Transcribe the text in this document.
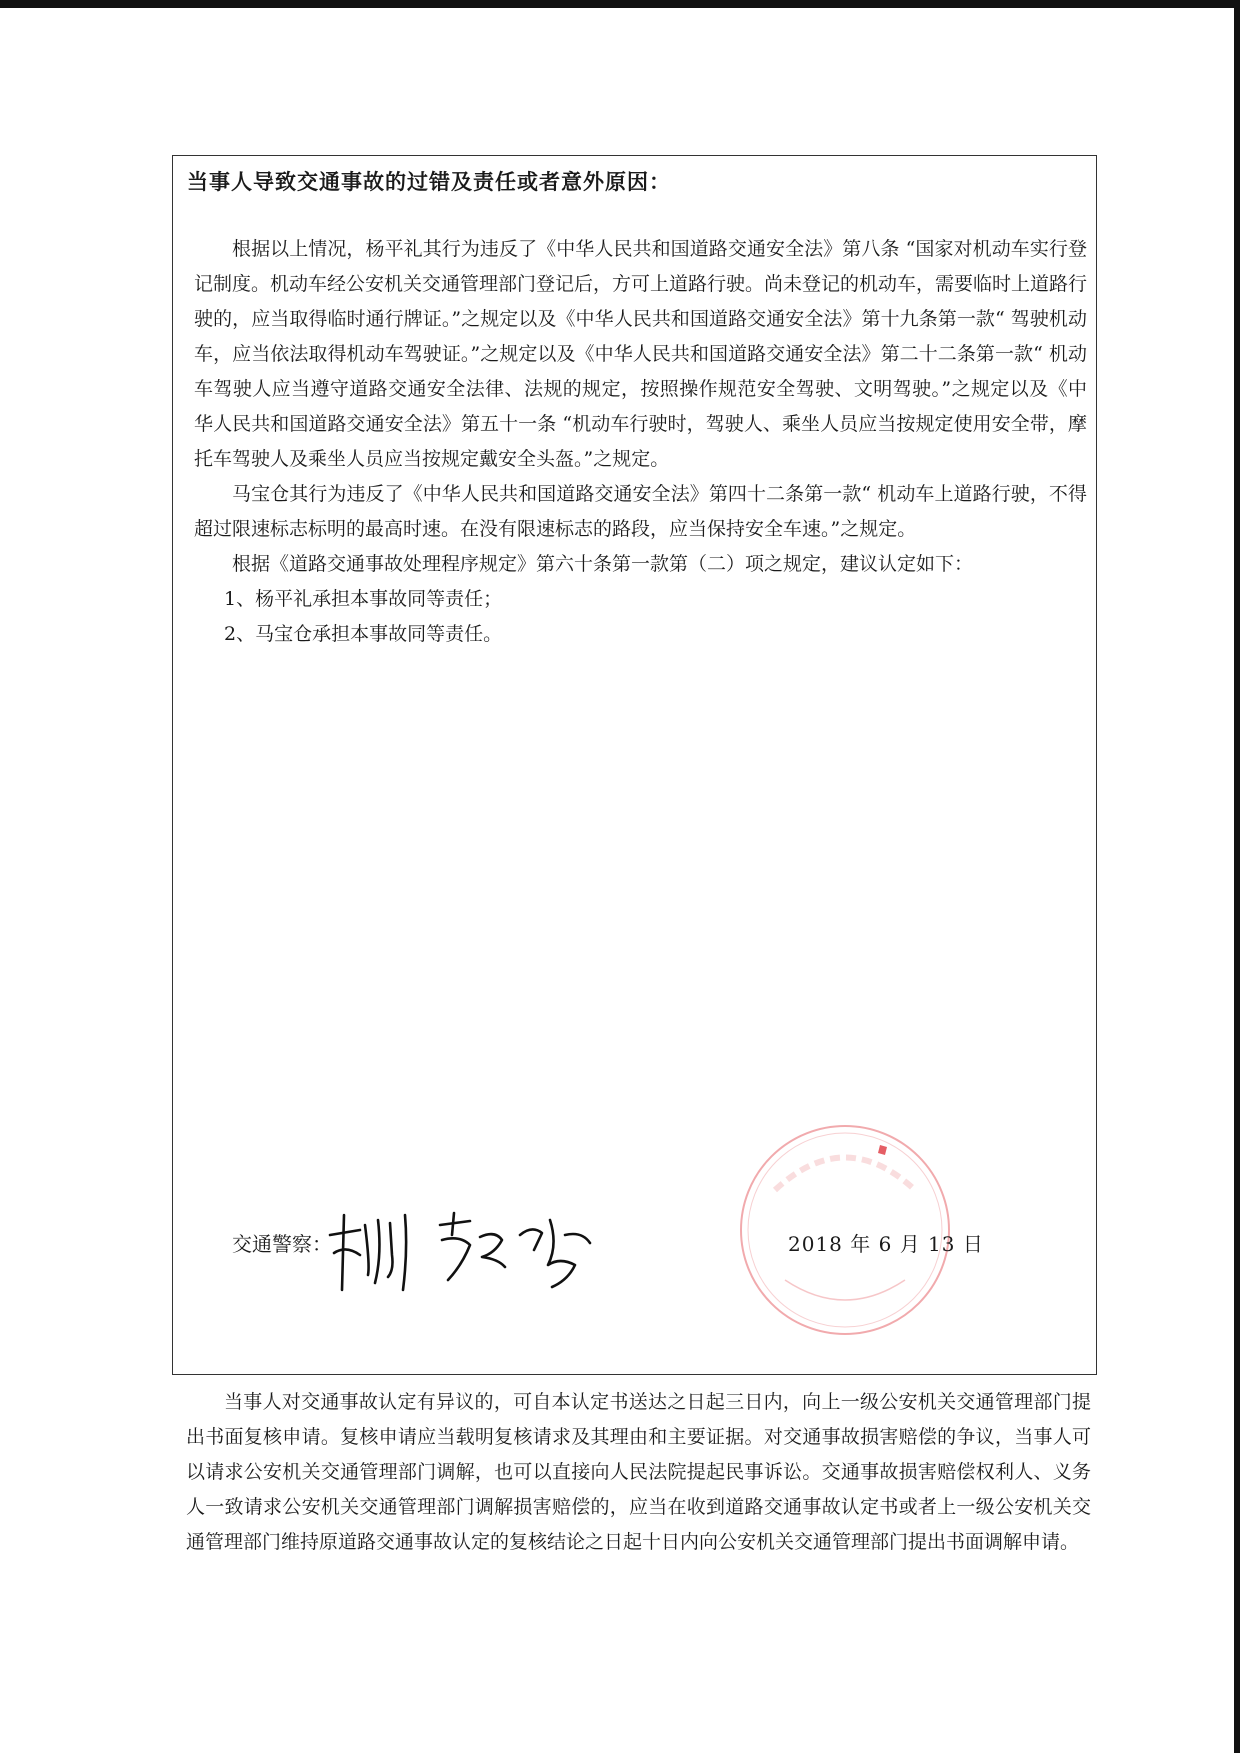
当事人导致交通事故的过错及责任或者意外原因：

根据以上情况，杨平礼其行为违反了《中华人民共和国道路交通安全法》第八条 “国家对机动车实行登记制度。机动车经公安机关交通管理部门登记后，方可上道路行驶。尚未登记的机动车，需要临时上道路行驶的，应当取得临时通行牌证。”之规定以及《中华人民共和国道路交通安全法》第十九条第一款“ 驾驶机动车，应当依法取得机动车驾驶证。”之规定以及《中华人民共和国道路交通安全法》第二十二条第一款“ 机动车驾驶人应当遵守道路交通安全法律、法规的规定，按照操作规范安全驾驶、文明驾驶。”之规定以及《中华人民共和国道路交通安全法》第五十一条 “机动车行驶时，驾驶人、乘坐人员应当按规定使用安全带，摩托车驾驶人及乘坐人员应当按规定戴安全头盔。”之规定。

马宝仓其行为违反了《中华人民共和国道路交通安全法》第四十二条第一款“ 机动车上道路行驶，不得超过限速标志标明的最高时速。在没有限速标志的路段，应当保持安全车速。”之规定。

根据《道路交通事故处理程序规定》第六十条第一款第（二）项之规定，建议认定如下：

1、杨平礼承担本事故同等责任；

2、马宝仓承担本事故同等责任。

交通警察：	2018 年 6 月 13 日

当事人对交通事故认定有异议的，可自本认定书送达之日起三日内，向上一级公安机关交通管理部门提出书面复核申请。复核申请应当载明复核请求及其理由和主要证据。对交通事故损害赔偿的争议，当事人可以请求公安机关交通管理部门调解，也可以直接向人民法院提起民事诉讼。交通事故损害赔偿权利人、义务人一致请求公安机关交通管理部门调解损害赔偿的，应当在收到道路交通事故认定书或者上一级公安机关交通管理部门维持原道路交通事故认定的复核结论之日起十日内向公安机关交通管理部门提出书面调解申请。
